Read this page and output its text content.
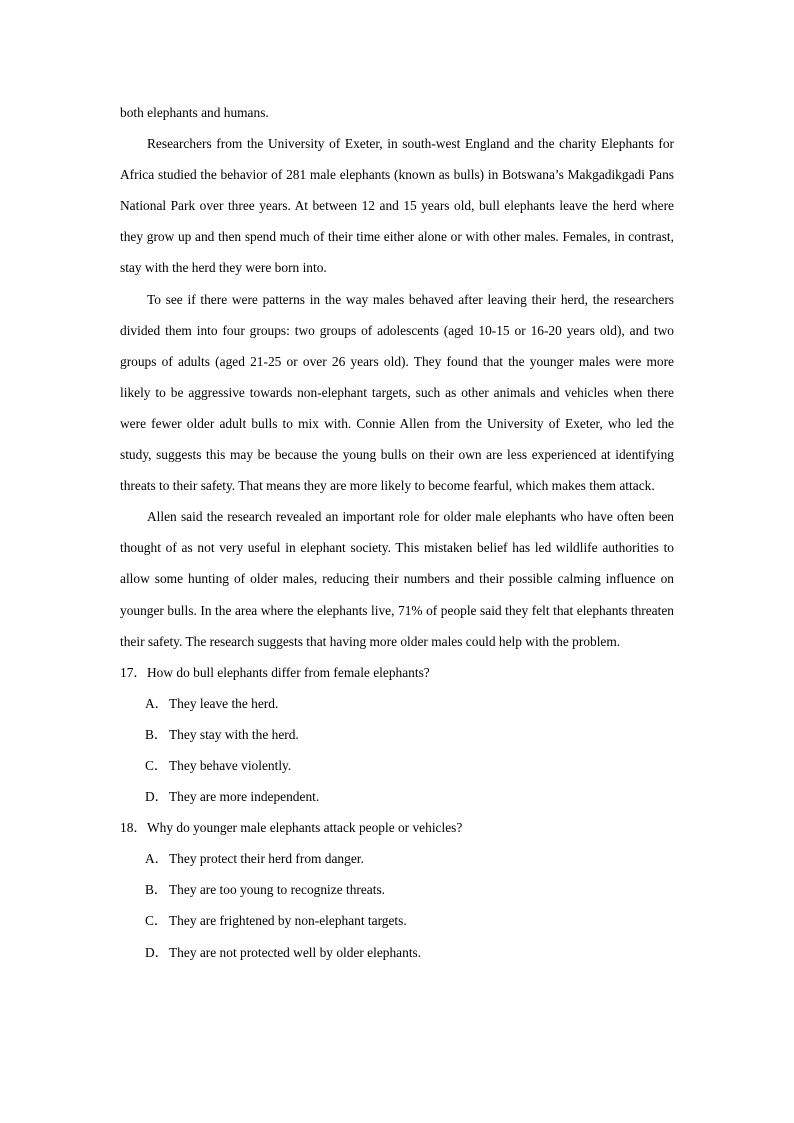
both elephants and humans.

Researchers from the University of Exeter, in south-west England and the charity Elephants for Africa studied the behavior of 281 male elephants (known as bulls) in Botswana’s Makgadikgadi Pans National Park over three years. At between 12 and 15 years old, bull elephants leave the herd where they grow up and then spend much of their time either alone or with other males. Females, in contrast, stay with the herd they were born into.

To see if there were patterns in the way males behaved after leaving their herd, the researchers divided them into four groups: two groups of adolescents (aged 10-15 or 16-20 years old), and two groups of adults (aged 21-25 or over 26 years old). They found that the younger males were more likely to be aggressive towards non-elephant targets, such as other animals and vehicles when there were fewer older adult bulls to mix with. Connie Allen from the University of Exeter, who led the study, suggests this may be because the young bulls on their own are less experienced at identifying threats to their safety. That means they are more likely to become fearful, which makes them attack.

Allen said the research revealed an important role for older male elephants who have often been thought of as not very useful in elephant society. This mistaken belief has led wildlife authorities to allow some hunting of older males, reducing their numbers and their possible calming influence on younger bulls. In the area where the elephants live, 71% of people said they felt that elephants threaten their safety. The research suggests that having more older males could help with the problem.

17．How do bull elephants differ from female elephants?
A．They leave the herd.
B． They stay with the herd.
C． They behave violently.
D．They are more independent.
18．Why do younger male elephants attack people or vehicles?
A．They protect their herd from danger.
B． They are too young to recognize threats.
C． They are frightened by non-elephant targets.
D．They are not protected well by older elephants.
